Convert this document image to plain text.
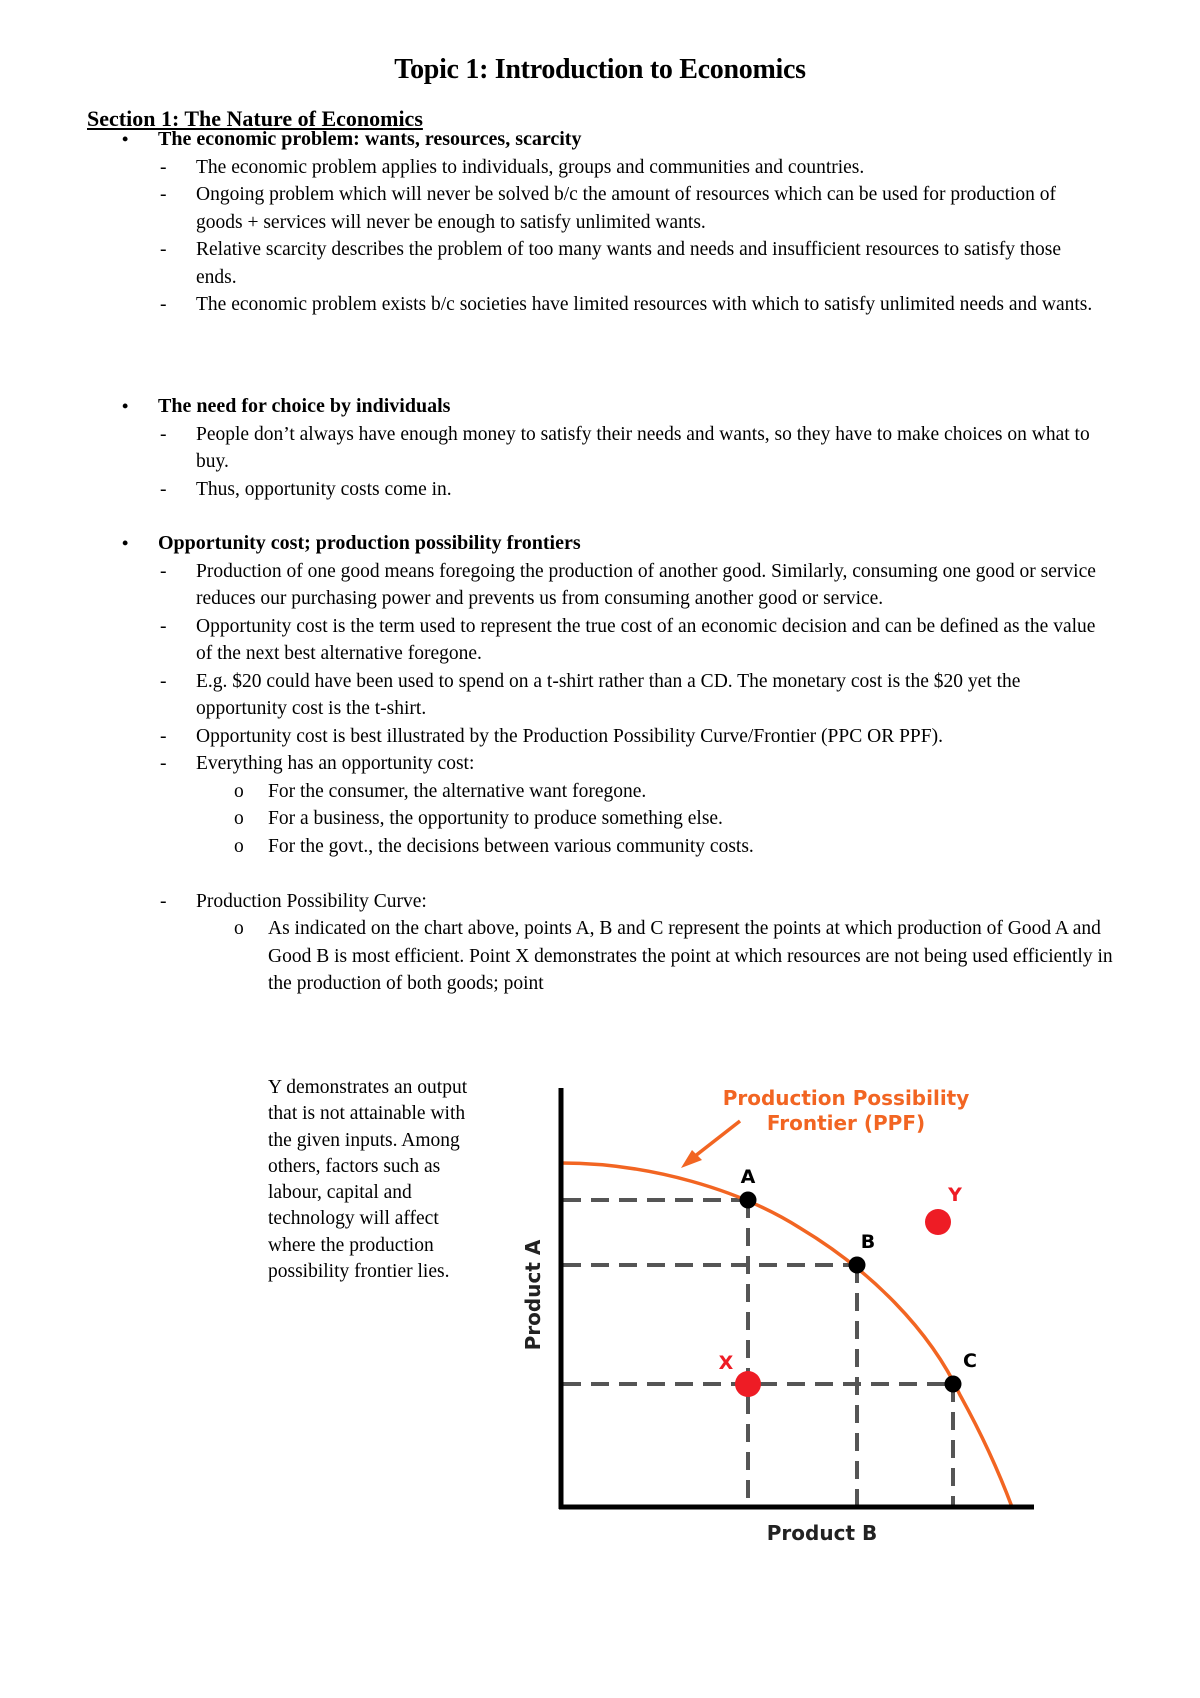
Topic 1: Introduction to Economics
Section 1: The Nature of Economics
• The economic problem: wants, resources, scarcity
- The economic problem applies to individuals, groups and communities and countries.
- Ongoing problem which will never be solved b/c the amount of resources which can be used for production of goods + services will never be enough to satisfy unlimited wants.
- Relative scarcity describes the problem of too many wants and needs and insufficient resources to satisfy those ends.
- The economic problem exists b/c societies have limited resources with which to satisfy unlimited needs and wants.
• The need for choice by individuals
- People don’t always have enough money to satisfy their needs and wants, so they have to make choices on what to buy.
- Thus, opportunity costs come in.
• Opportunity cost; production possibility frontiers
- Production of one good means foregoing the production of another good. Similarly, consuming one good or service reduces our purchasing power and prevents us from consuming another good or service.
- Opportunity cost is the term used to represent the true cost of an economic decision and can be defined as the value of the next best alternative foregone.
- E.g. $20 could have been used to spend on a t-shirt rather than a CD. The monetary cost is the $20 yet the opportunity cost is the t-shirt.
- Opportunity cost is best illustrated by the Production Possibility Curve/Frontier (PPC OR PPF).
- Everything has an opportunity cost:
o For the consumer, the alternative want foregone.
o For a business, the opportunity to produce something else.
o For the govt., the decisions between various community costs.
- Production Possibility Curve:
o As indicated on the chart above, points A, B and C represent the points at which production of Good A and Good B is most efficient. Point X demonstrates the point at which resources are not being used efficiently in the production of both goods; point
Y demonstrates an output that is not attainable with the given inputs. Among others, factors such as labour, capital and technology will affect where the production possibility frontier lies.
Production Possibility
Frontier (PPF)
A
B
C
X
Y
Product B
Product A
